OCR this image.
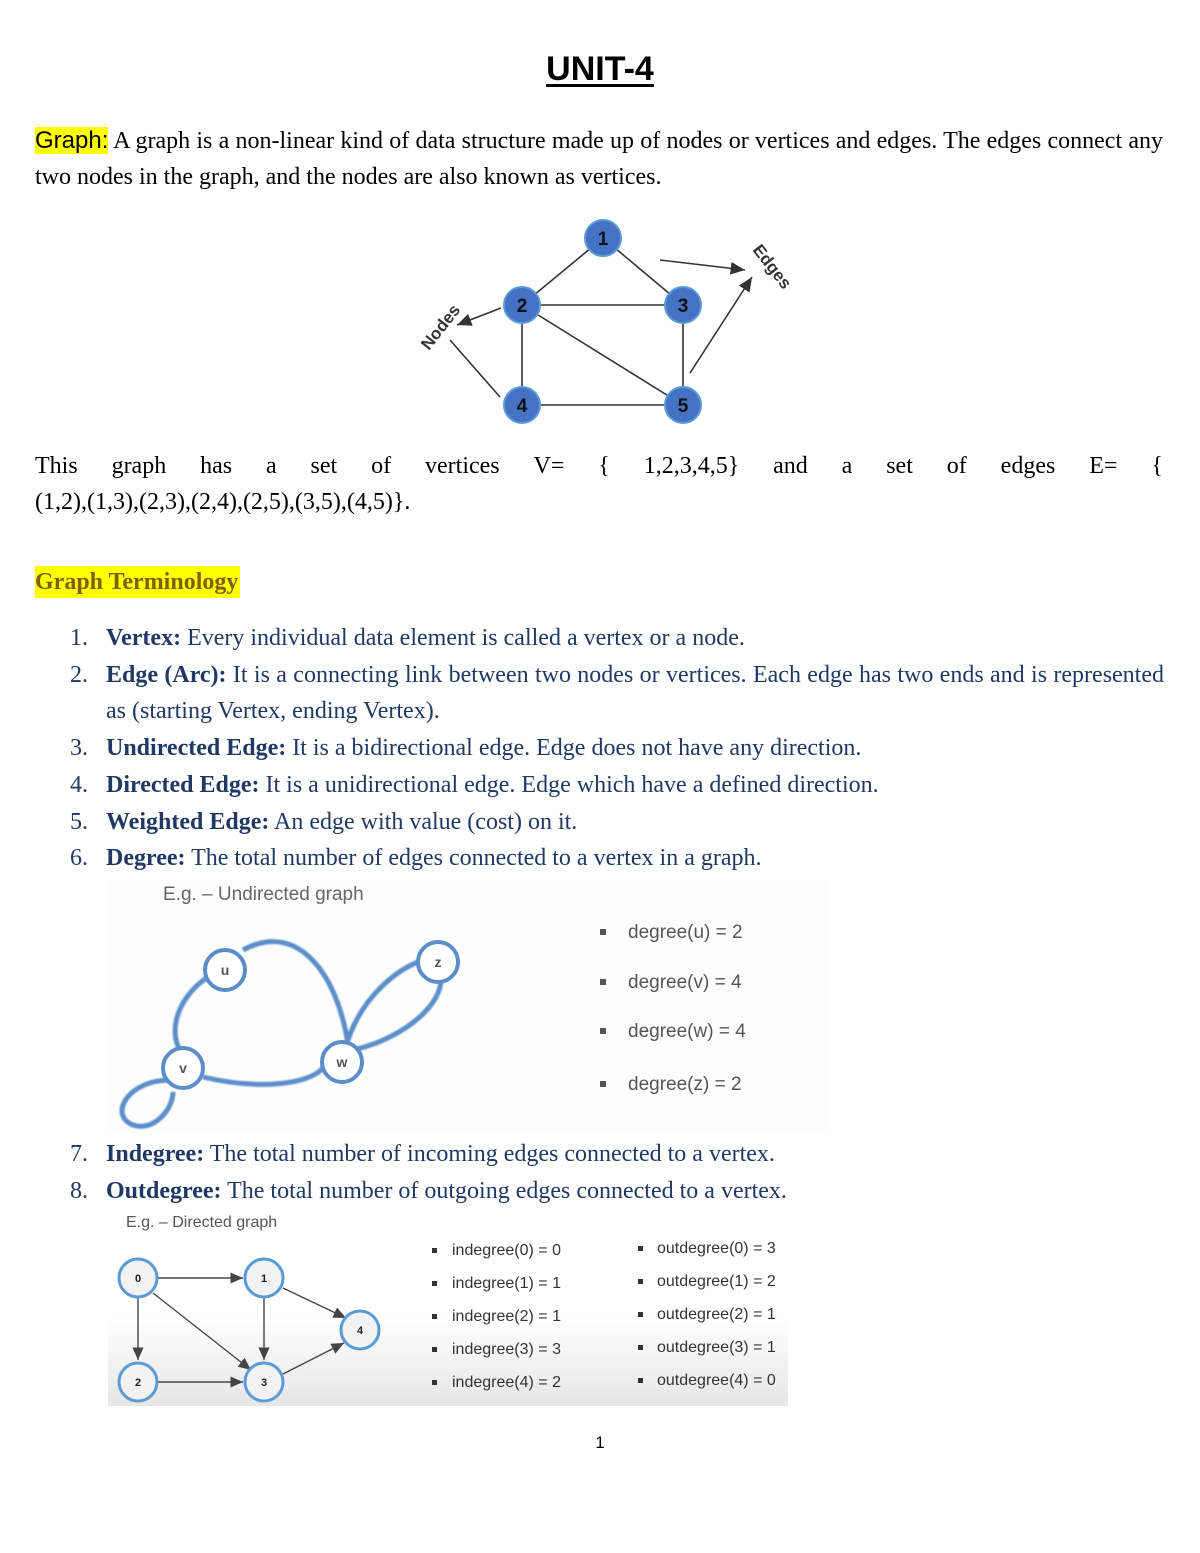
UNIT-4
Graph: A graph is a non-linear kind of data structure made up of nodes or vertices and edges. The edges connect any two nodes in the graph, and the nodes are also known as vertices.
1
2	3
4	5
Nodes
Edges
This graph has a set of vertices V= { 1,2,3,4,5} and a set of edges E= {
(1,2),(1,3),(2,3),(2,4),(2,5),(3,5),(4,5)}.
Graph Terminology
1. Vertex: Every individual data element is called a vertex or a node.
2. Edge (Arc): It is a connecting link between two nodes or vertices. Each edge has two ends and is represented as (starting Vertex, ending Vertex).
3. Undirected Edge: It is a bidirectional edge. Edge does not have any direction.
4. Directed Edge: It is a unidirectional edge. Edge which have a defined direction.
5. Weighted Edge: An edge with value (cost) on it.
6. Degree: The total number of edges connected to a vertex in a graph.
E.g. – Undirected graph
u	z
v	w
degree(u) = 2
degree(v) = 4
degree(w) = 4
degree(z) = 2
7. Indegree: The total number of incoming edges connected to a vertex.
8. Outdegree: The total number of outgoing edges connected to a vertex.
E.g. – Directed graph
0	1
4
2	3
indegree(0) = 0
indegree(1) = 1
indegree(2) = 1
indegree(3) = 3
indegree(4) = 2
outdegree(0) = 3
outdegree(1) = 2
outdegree(2) = 1
outdegree(3) = 1
outdegree(4) = 0
1
